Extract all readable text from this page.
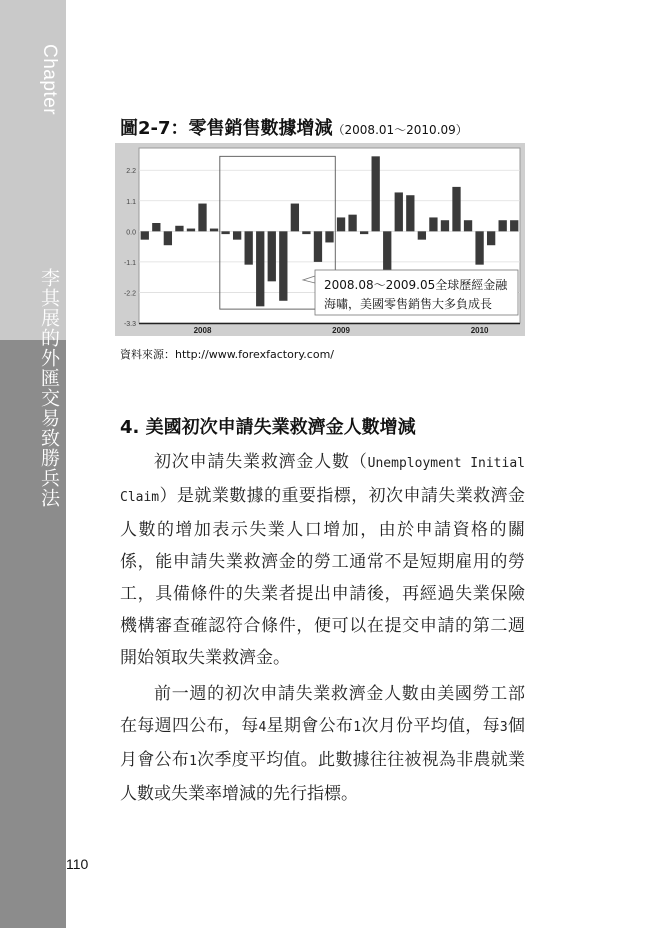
Chapter 2
李其展的外匯交易致勝兵法
110
圖2-7：零售銷售數據增減（2008.01～2010.09）
2.2
1.1
0.0
-1.1
-2.2
-3.3
2008	2009	2010
2008.08～2009.05全球歷經金融
海嘯，美國零售銷售大多負成長
資料來源：http://www.forexfactory.com/
4. 美國初次申請失業救濟金人數增減

初次申請失業救濟金人數（Unemployment Initial Claim）是就業數據的重要指標，初次申請失業救濟金人數的增加表示失業人口增加，由於申請資格的關係，能申請失業救濟金的勞工通常不是短期雇用的勞工，具備條件的失業者提出申請後，再經過失業保險機構審查確認符合條件，便可以在提交申請的第二週開始領取失業救濟金。

前一週的初次申請失業救濟金人數由美國勞工部在每週四公布，每4星期會公布1次月份平均值，每3個月會公布1次季度平均值。此數據往往被視為非農就業人數或失業率增減的先行指標。
